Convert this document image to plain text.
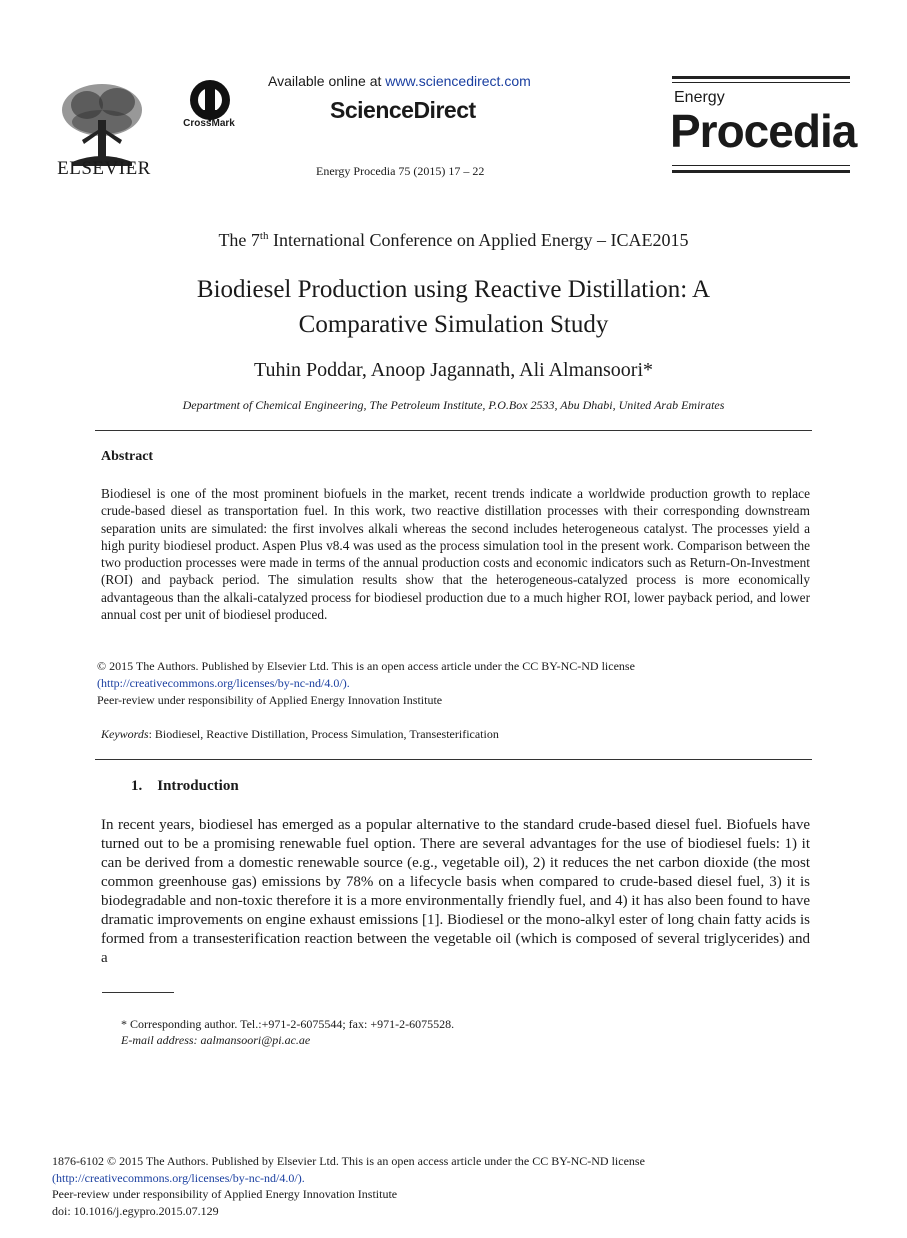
ELSEVIER
CrossMark
Available online at www.sciencedirect.com
ScienceDirect
Energy Procedia 75 (2015) 17 – 22
Energy
Procedia
The 7th International Conference on Applied Energy – ICAE2015
Biodiesel Production using Reactive Distillation: A
Comparative Simulation Study
Tuhin Poddar, Anoop Jagannath, Ali Almansoori*
Department of Chemical Engineering, The Petroleum Institute, P.O.Box 2533, Abu Dhabi, United Arab Emirates
Abstract
Biodiesel is one of the most prominent biofuels in the market, recent trends indicate a worldwide production growth to replace crude-based diesel as transportation fuel. In this work, two reactive distillation processes with their corresponding downstream separation units are simulated: the first involves alkali whereas the second includes heterogeneous catalyst. The processes yield a high purity biodiesel product. Aspen Plus v8.4 was used as the process simulation tool in the present work. Comparison between the two production processes were made in terms of the annual production costs and economic indicators such as Return-On-Investment (ROI) and payback period. The simulation results show that the heterogeneous-catalyzed process is more economically advantageous than the alkali-catalyzed process for biodiesel production due to a much higher ROI, lower payback period, and lower annual cost per unit of biodiesel produced.
© 2015 The Authors. Published by Elsevier Ltd. This is an open access article under the CC BY-NC-ND license
(http://creativecommons.org/licenses/by-nc-nd/4.0/).
Peer-review under responsibility of Applied Energy Innovation Institute
Keywords: Biodiesel, Reactive Distillation, Process Simulation, Transesterification
1. Introduction
In recent years, biodiesel has emerged as a popular alternative to the standard crude-based diesel fuel. Biofuels have turned out to be a promising renewable fuel option. There are several advantages for the use of biodiesel fuels: 1) it can be derived from a domestic renewable source (e.g., vegetable oil), 2) it reduces the net carbon dioxide (the most common greenhouse gas) emissions by 78% on a lifecycle basis when compared to crude-based diesel fuel, 3) it is biodegradable and non-toxic therefore it is a more environmentally friendly fuel, and 4) it has also been found to have dramatic improvements on engine exhaust emissions [1]. Biodiesel or the mono-alkyl ester of long chain fatty acids is formed from a transesterification reaction between the vegetable oil (which is composed of several triglycerides) and a
* Corresponding author. Tel.:+971-2-6075544; fax: +971-2-6075528.
E-mail address: aalmansoori@pi.ac.ae
1876-6102 © 2015 The Authors. Published by Elsevier Ltd. This is an open access article under the CC BY-NC-ND license
(http://creativecommons.org/licenses/by-nc-nd/4.0/).
Peer-review under responsibility of Applied Energy Innovation Institute
doi: 10.1016/j.egypro.2015.07.129
